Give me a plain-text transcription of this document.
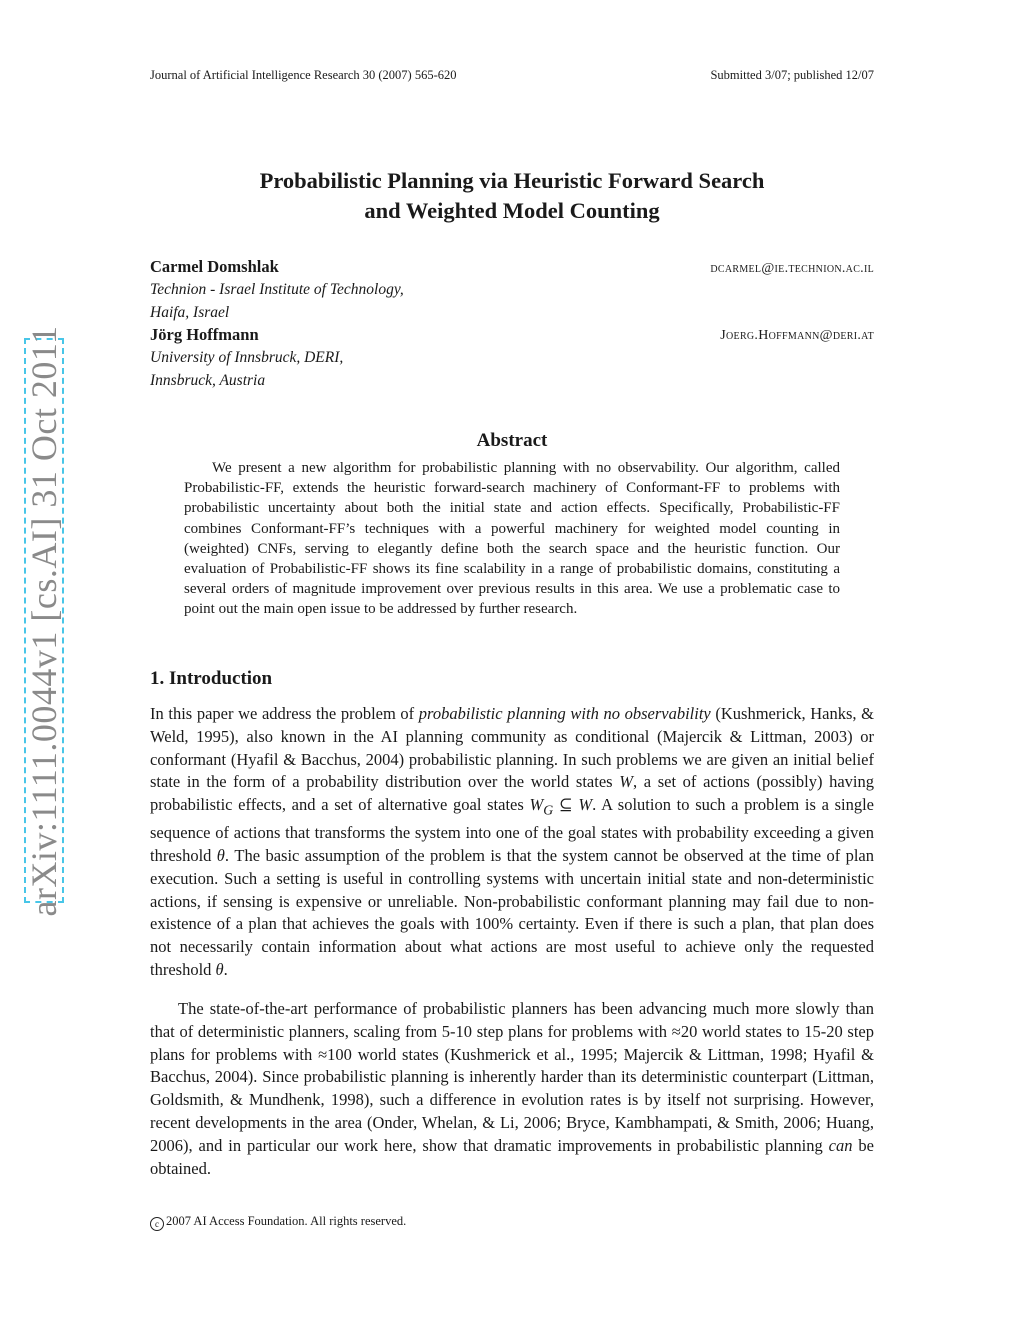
Journal of Artificial Intelligence Research 30 (2007) 565-620	Submitted 3/07; published 12/07
arXiv:1111.0044v1 [cs.AI] 31 Oct 2011
Probabilistic Planning via Heuristic Forward Search
and Weighted Model Counting
Carmel Domshlak	dcarmel@ie.technion.ac.il
Technion - Israel Institute of Technology,
Haifa, Israel
Jörg Hoffmann	Joerg.Hoffmann@deri.at
University of Innsbruck, DERI,
Innsbruck, Austria
Abstract
We present a new algorithm for probabilistic planning with no observability. Our algorithm, called Probabilistic-FF, extends the heuristic forward-search machinery of Conformant-FF to problems with probabilistic uncertainty about both the initial state and action effects. Specifically, Probabilistic-FF combines Conformant-FF’s techniques with a powerful machinery for weighted model counting in (weighted) CNFs, serving to elegantly define both the search space and the heuristic function. Our evaluation of Probabilistic-FF shows its fine scalability in a range of probabilistic domains, constituting a several orders of magnitude improvement over previous results in this area. We use a problematic case to point out the main open issue to be addressed by further research.
1. Introduction
In this paper we address the problem of probabilistic planning with no observability (Kushmerick, Hanks, & Weld, 1995), also known in the AI planning community as conditional (Majercik & Littman, 2003) or conformant (Hyafil & Bacchus, 2004) probabilistic planning. In such problems we are given an initial belief state in the form of a probability distribution over the world states W, a set of actions (possibly) having probabilistic effects, and a set of alternative goal states $W_G$ ⊆ W. A solution to such a problem is a single sequence of actions that transforms the system into one of the goal states with probability exceeding a given threshold θ. The basic assumption of the problem is that the system cannot be observed at the time of plan execution. Such a setting is useful in controlling systems with uncertain initial state and non-deterministic actions, if sensing is expensive or unreliable. Non-probabilistic conformant planning may fail due to non-existence of a plan that achieves the goals with 100% certainty. Even if there is such a plan, that plan does not necessarily contain information about what actions are most useful to achieve only the requested threshold θ.
The state-of-the-art performance of probabilistic planners has been advancing much more slowly than that of deterministic planners, scaling from 5-10 step plans for problems with ≈20 world states to 15-20 step plans for problems with ≈100 world states (Kushmerick et al., 1995; Majercik & Littman, 1998; Hyafil & Bacchus, 2004). Since probabilistic planning is inherently harder than its deterministic counterpart (Littman, Goldsmith, & Mundhenk, 1998), such a difference in evolution rates is by itself not surprising. However, recent developments in the area (Onder, Whelan, & Li, 2006; Bryce, Kambhampati, & Smith, 2006; Huang, 2006), and in particular our work here, show that dramatic improvements in probabilistic planning can be obtained.
c 2007 AI Access Foundation. All rights reserved.
